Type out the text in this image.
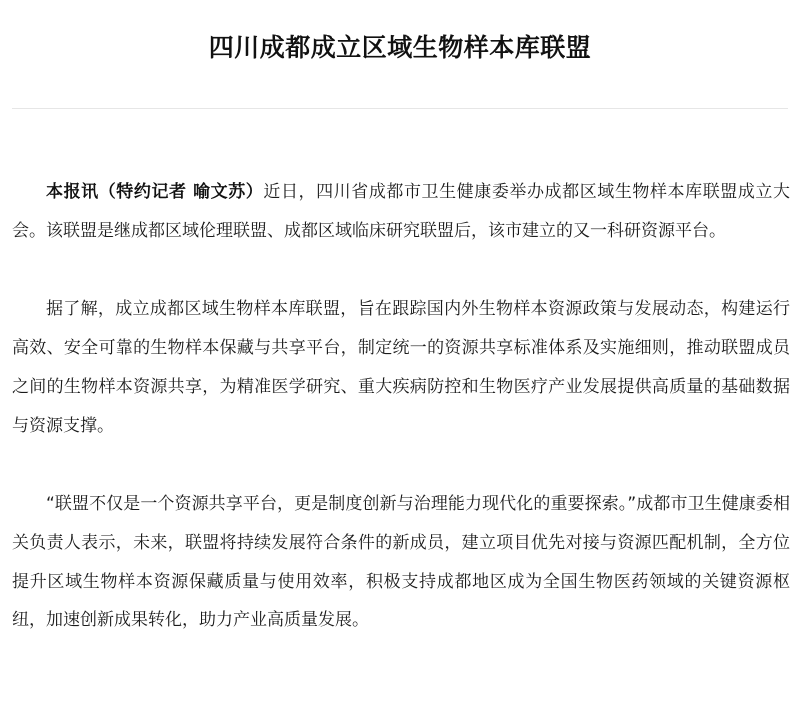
四川成都成立区域生物样本库联盟

本报讯（特约记者 喻文苏）近日，四川省成都市卫生健康委举办成都区域生物样本库联盟成立大会。该联盟是继成都区域伦理联盟、成都区域临床研究联盟后，该市建立的又一科研资源平台。

据了解，成立成都区域生物样本库联盟，旨在跟踪国内外生物样本资源政策与发展动态，构建运行高效、安全可靠的生物样本保藏与共享平台，制定统一的资源共享标准体系及实施细则，推动联盟成员之间的生物样本资源共享，为精准医学研究、重大疾病防控和生物医疗产业发展提供高质量的基础数据与资源支撑。

“联盟不仅是一个资源共享平台，更是制度创新与治理能力现代化的重要探索。”成都市卫生健康委相关负责人表示，未来，联盟将持续发展符合条件的新成员，建立项目优先对接与资源匹配机制，全方位提升区域生物样本资源保藏质量与使用效率，积极支持成都地区成为全国生物医药领域的关键资源枢纽，加速创新成果转化，助力产业高质量发展。
